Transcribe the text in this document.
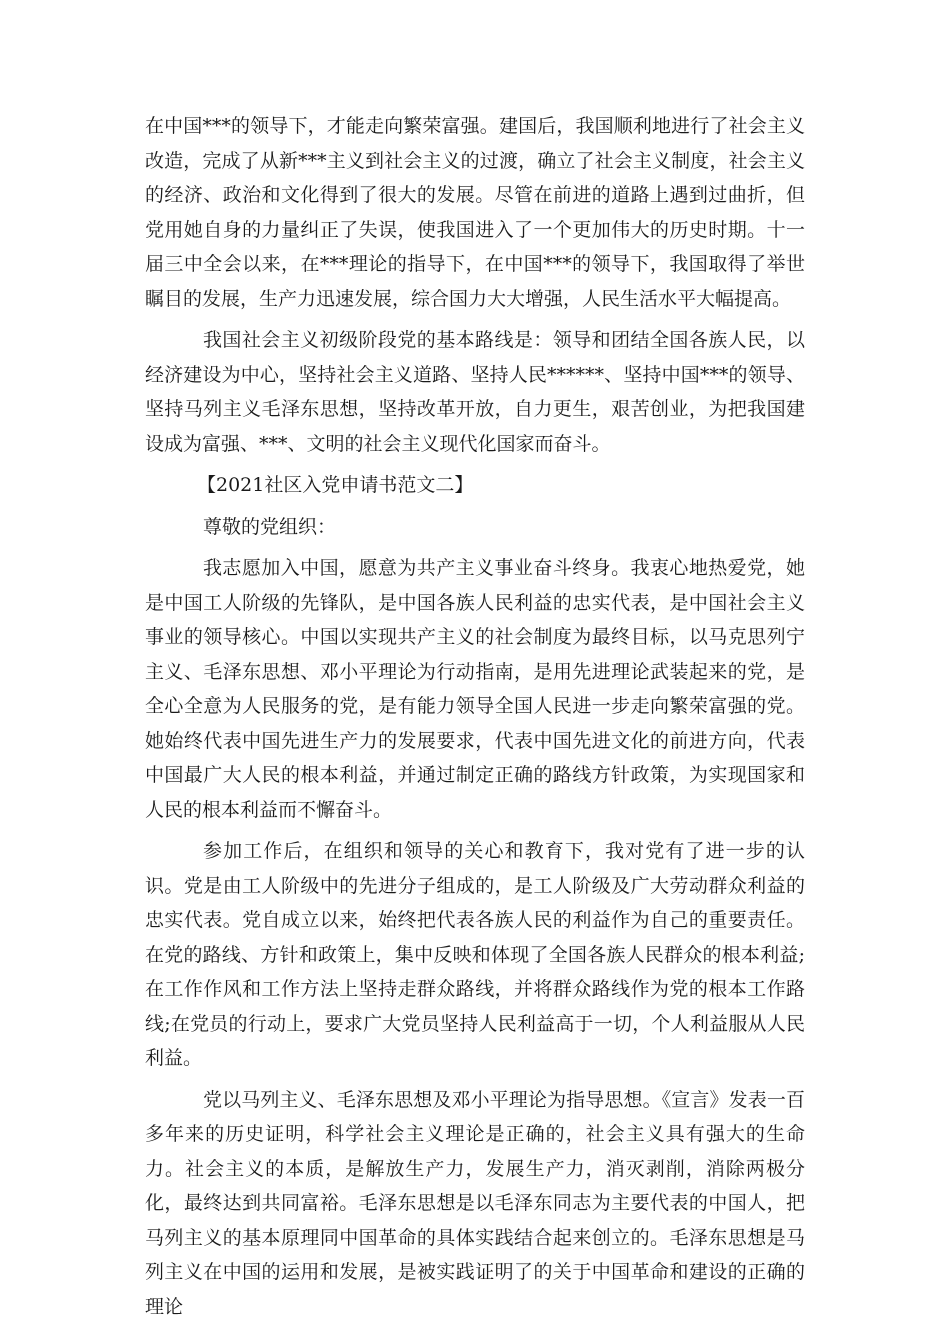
在中国***的领导下，才能走向繁荣富强。建国后，我国顺利地进行了社会主义改造，完成了从新***主义到社会主义的过渡，确立了社会主义制度，社会主义的经济、政治和文化得到了很大的发展。尽管在前进的道路上遇到过曲折，但党用她自身的力量纠正了失误，使我国进入了一个更加伟大的历史时期。十一届三中全会以来，在***理论的指导下，在中国***的领导下，我国取得了举世瞩目的发展，生产力迅速发展，综合国力大大增强，人民生活水平大幅提高。

我国社会主义初级阶段党的基本路线是：领导和团结全国各族人民，以经济建设为中心，坚持社会主义道路、坚持人民******、坚持中国***的领导、坚持马列主义毛泽东思想，坚持改革开放，自力更生，艰苦创业，为把我国建设成为富强、***、文明的社会主义现代化国家而奋斗。

【2021社区入党申请书范文二】

尊敬的党组织：

我志愿加入中国，愿意为共产主义事业奋斗终身。我衷心地热爱党，她是中国工人阶级的先锋队，是中国各族人民利益的忠实代表，是中国社会主义事业的领导核心。中国以实现共产主义的社会制度为最终目标，以马克思列宁主义、毛泽东思想、邓小平理论为行动指南，是用先进理论武装起来的党，是全心全意为人民服务的党，是有能力领导全国人民进一步走向繁荣富强的党。她始终代表中国先进生产力的发展要求，代表中国先进文化的前进方向，代表中国最广大人民的根本利益，并通过制定正确的路线方针政策，为实现国家和人民的根本利益而不懈奋斗。

参加工作后，在组织和领导的关心和教育下，我对党有了进一步的认识。党是由工人阶级中的先进分子组成的，是工人阶级及广大劳动群众利益的忠实代表。党自成立以来，始终把代表各族人民的利益作为自己的重要责任。在党的路线、方针和政策上，集中反映和体现了全国各族人民群众的根本利益;在工作作风和工作方法上坚持走群众路线，并将群众路线作为党的根本工作路线;在党员的行动上，要求广大党员坚持人民利益高于一切，个人利益服从人民利益。

党以马列主义、毛泽东思想及邓小平理论为指导思想。《宣言》发表一百多年来的历史证明，科学社会主义理论是正确的，社会主义具有强大的生命力。社会主义的本质，是解放生产力，发展生产力，消灭剥削，消除两极分化，最终达到共同富裕。毛泽东思想是以毛泽东同志为主要代表的中国人，把马列主义的基本原理同中国革命的具体实践结合起来创立的。毛泽东思想是马列主义在中国的运用和发展，是被实践证明了的关于中国革命和建设的正确的理论
